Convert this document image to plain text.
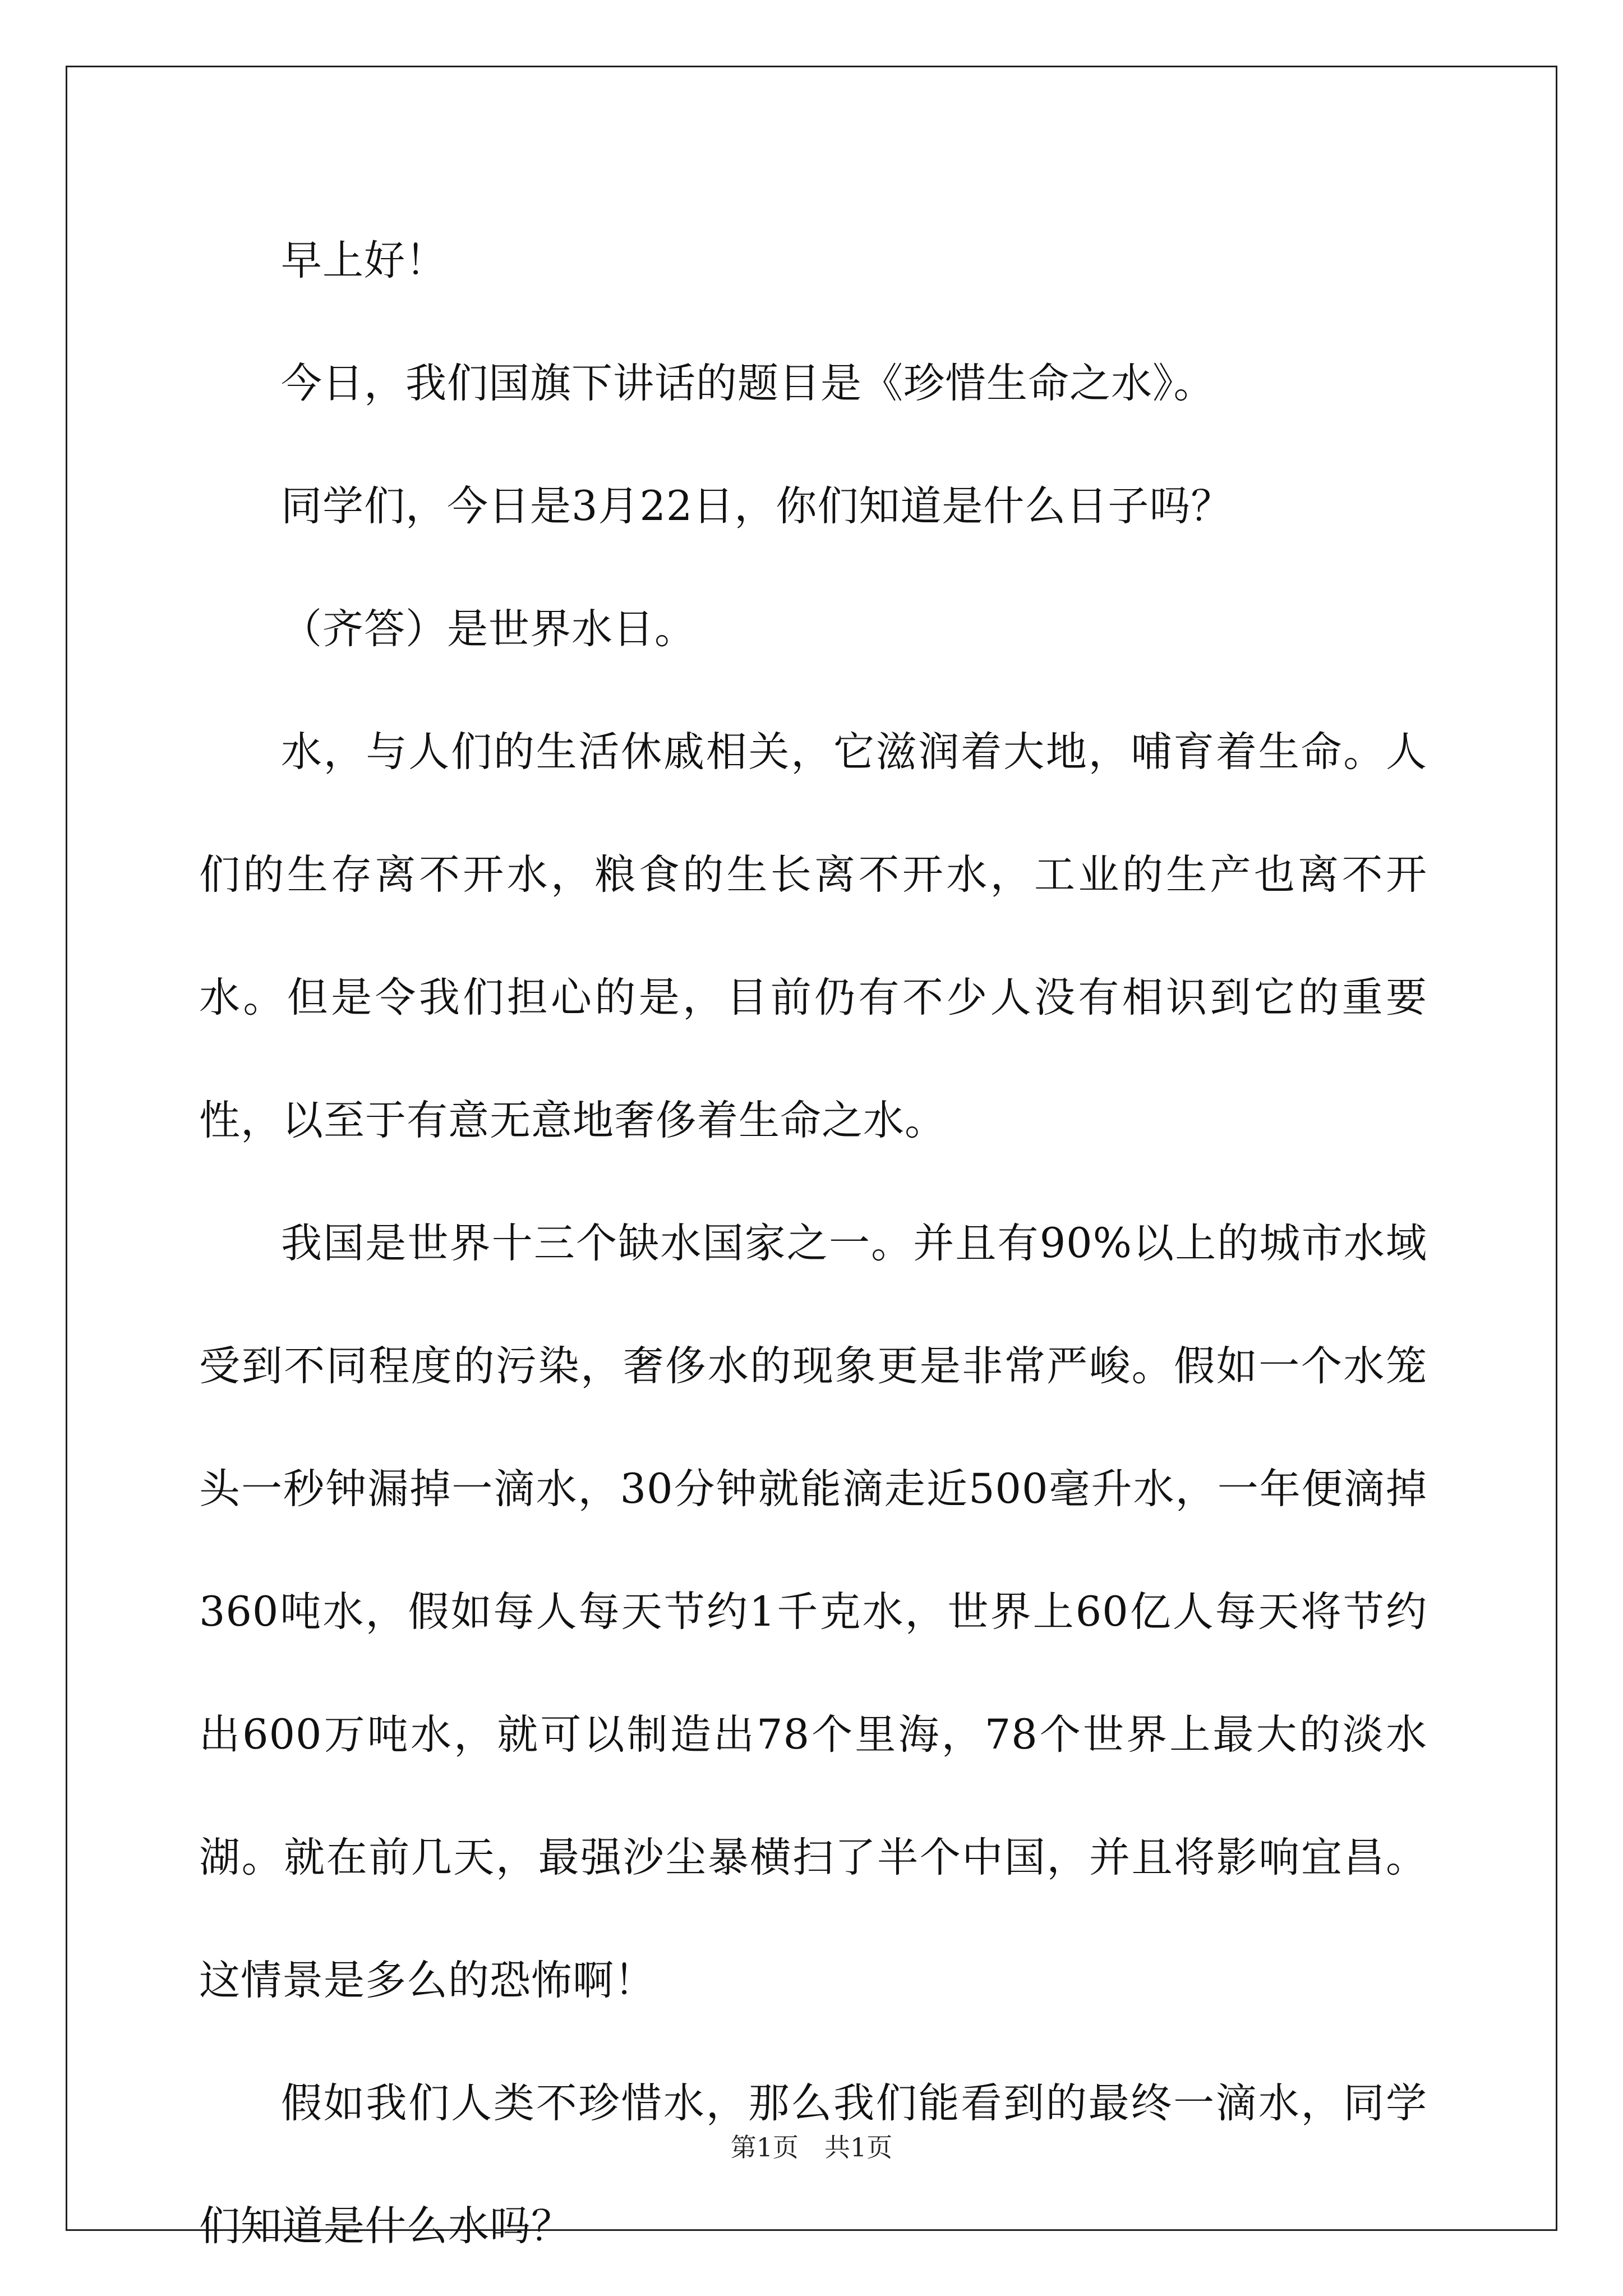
早上好！

今日，我们国旗下讲话的题目是《珍惜生命之水》。

同学们，今日是3月22日，你们知道是什么日子吗？

（齐答）是世界水日。

水，与人们的生活休戚相关，它滋润着大地，哺育着生命。人们的生存离不开水，粮食的生长离不开水，工业的生产也离不开水。但是令我们担心的是，目前仍有不少人没有相识到它的重要性，以至于有意无意地奢侈着生命之水。

我国是世界十三个缺水国家之一。并且有90%以上的城市水域受到不同程度的污染，奢侈水的现象更是非常严峻。假如一个水笼头一秒钟漏掉一滴水，30分钟就能滴走近500毫升水，一年便滴掉360吨水，假如每人每天节约1千克水，世界上60亿人每天将节约出600万吨水，就可以制造出78个里海，78个世界上最大的淡水湖。就在前几天，最强沙尘暴横扫了半个中国，并且将影响宜昌。这情景是多么的恐怖啊！

假如我们人类不珍惜水，那么我们能看到的最终一滴水，同学们知道是什么水吗？

第1页 共1页
